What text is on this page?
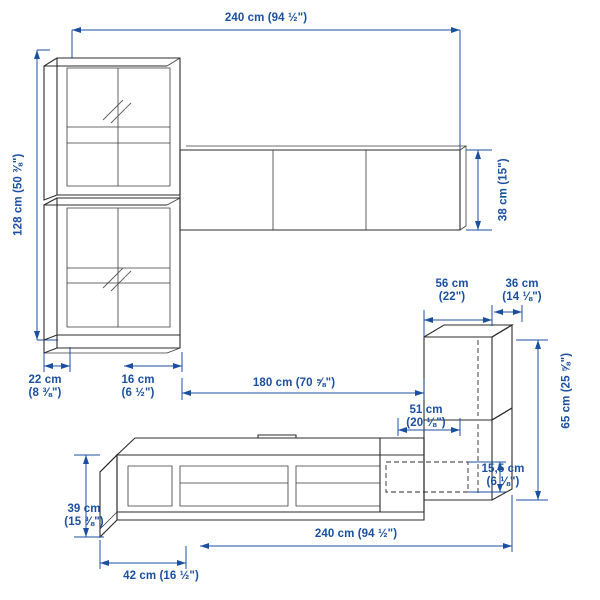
240 cm (94 ½")
128 cm (50 ⅜")
22 cm
(8 ⅜")
16 cm
(6 ½")
38 cm (15")
56 cm
(22")
36 cm
(14 ⅛")
65 cm (25 ⅝")
180 cm (70 ⅝")
51 cm
(20 ⅛")
15,5 cm
(6 ⅛")
39 cm
(15 ⅜")
42 cm (16 ½")
240 cm (94 ½")
